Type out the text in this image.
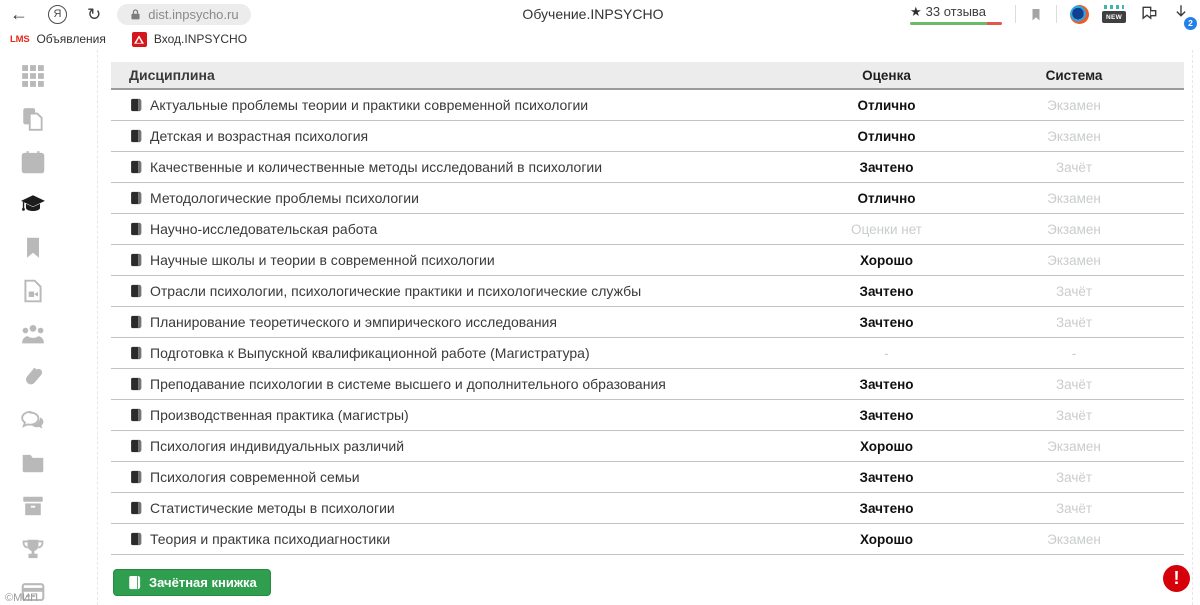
←	Я	↻	dist.inpsycho.ru	Обучение.INPSYCHO	★ 33 отзыва	NEW
2
LMS Объявления	Вход.INPSYCHO
©МИП
Дисциплина	Оценка	Система
Актуальные проблемы теории и практики современной психологии	Отлично	Экзамен
Детская и возрастная психология	Отлично	Экзамен
Качественные и количественные методы исследований в психологии	Зачтено	Зачёт
Методологические проблемы психологии	Отлично	Экзамен
Научно-исследовательская работа	Оценки нет	Экзамен
Научные школы и теории в современной психологии	Хорошо	Экзамен
Отрасли психологии, психологические практики и психологические службы	Зачтено	Зачёт
Планирование теоретического и эмпирического исследования	Зачтено	Зачёт
Подготовка к Выпускной квалификационной работе (Магистратура)	-	-
Преподавание психологии в системе высшего и дополнительного образования	Зачтено	Зачёт
Производственная практика (магистры)	Зачтено	Зачёт
Психология индивидуальных различий	Хорошо	Экзамен
Психология современной семьи	Зачтено	Зачёт
Статистические методы в психологии	Зачтено	Зачёт
Теория и практика психодиагностики	Хорошо	Экзамен
Зачётная книжка	!
